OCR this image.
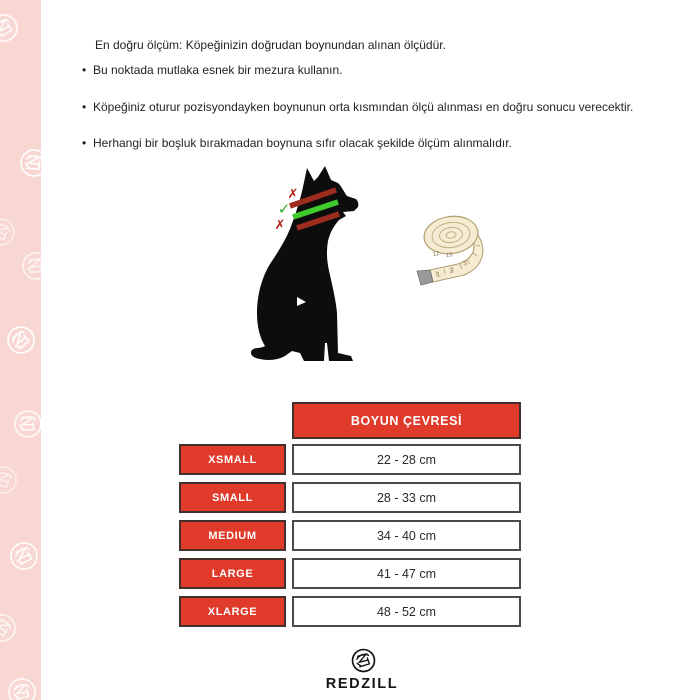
En doğru ölçüm: Köpeğinizin doğrudan boynundan alınan ölçüdür.

• Bu noktada mutlaka esnek bir mezura kullanın.
• Köpeğiniz oturur pozisyondayken boynunun orta kısmından ölçü alınması en doğru sonucu verecektir.
• Herhangi bir boşluk bırakmadan boynuna sıfır olacak şekilde ölçüm alınmalıdır.
✗
✓
✗
1
2
3
12 13
BOYUN ÇEVRESİ
XSMALL	22 - 28 cm
SMALL	28 - 33 cm
MEDIUM	34 - 40 cm
LARGE	41 - 47 cm
XLARGE	48 - 52 cm
REDZILL
